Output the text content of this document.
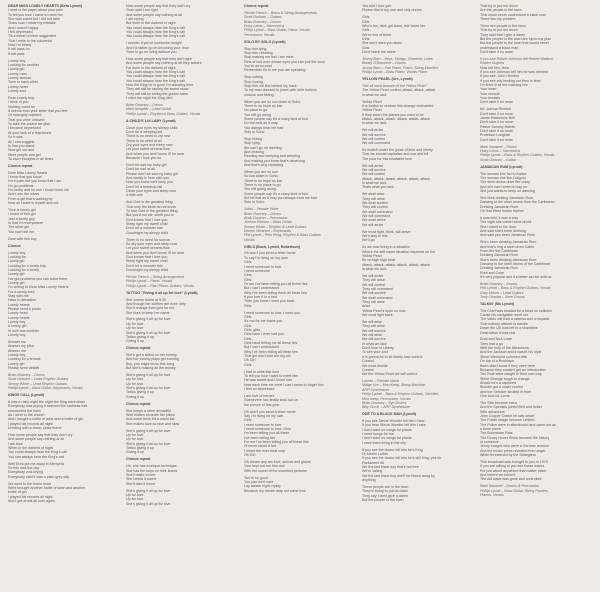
DEAR MISS LONELY HEARTS (Beta Lynott)
I read in the paper about your pain
To tell you how I came to meet her
She was sweet but I did not take
Thats how I made my mistake
And I wasn't happy
I felt depressed
Till a friend of mine suggested
That I write to the columnist
Now I'm lonely
It will pass on
It will pass
Lonely boy
Looking for another
Lonely girl
Lonely man
Lonely woman
Tune to each other
Lonely heart
Lonely soul
Dear Lonely boy
I think of you
Nothing could be
It seems from your letter that you feel
Or strangely rejected
That you were unloved
To take the advice we give
I became depressed
At your lack of a misfortune
So it was
All I can suggest
Is that you stand
Now get out and
Meet people and get
To each thoughts in all times
Chorus repeat
Dear Miss Lonely Hearts
I know that you know
I'm in pain but you know that I am
I'm go problems
I'm lonely and no one I know loves me
And I see the wives
From a girl that's walking by
Now all I want is myself and not
Time is lonely girl
I heard of this girl
Just a lonely guy
Is that I'm everywhere
The other girl
You can't tell me
Dear with this boy
Chorus
Lonely boy
Looking for
Lonely girl
Looking for a lonely boy
Looking for a lonely
Lonely girl
I've got problems you can solve them
Lonely girl
I'm writing to Dear Miss Lonely Hearts
For a lonely soul
Stay with me
Have to attractive
Lonely hearts
Please send a photo
Lonely heart
Lonely hearts
Lonely boy
A lonely girl
In love one another
Lonely boy
Answer me
Answer my plea
Answer me
Lonely boy
Looking for a female
Lonely girl
Please send details
Brian Downey – Drums
Scott Gorham – Lead Rhythm Guitars
Snowy White – Lead Rhythm Guitars
Phillip Lynott – Bass Guitar, Keyboards, Vocals
KINGS CALL (Lynott)
It was a rainy night the night the King went down
Everybody was crying it seemed like sadness had
surrounded the town
As I went to the church
And I bought a bottle of wine and a bottle of gin
I played his records all night
Drinking with a close, close friend
How some people say that they can't cry
And some people say nothing at all
I am blue
When in the darkest of night
You could always hear the King's call
You can always hear the King's call
Well Elvis got me away in Memphis
So this was the day
Everybody was crying
Everybody said it was a plain grey day
We went to the future more
Went brought another bottle of wine and another
bottle of gin
I played his records all night
And I got drunk all over again
Now some people say that they can't cry
Then said I am right
And some people say nothing at all
I am crying
But even in the darkest of night
You could always hear the King's call
You could always hear the King's call
You could always hear the King's call
I wonder if you're lonesome tonight
And I'd rather go on knocking your door
Then to go on living without you
How some people say that they ain't right
And some people say nothing at all they admire
For even in the darkest of night
You could always hear the King's call
You could always hear the King's call
You could always hear the King's call
Now the King he is gone I'm standing here
They will still be tasting the sweet show
They will still be telling the golden tales
I cried the night the King died
Brian Downey – Drums
Mark Knopfler – Lead Guitar
Phillip Lynott – Rhythm & Bass Guitars, Vocals
A CHILD'S LULLABY (Lynott)
Close your eyes my sleepy child
Don't be a weeping kid
There is no need to cry now
There is no need at all
Dry your eyes and sleep now
Let your sweet dreams flow
And when you don't know I'll be near
Because I love you so
Don't be sad my baby girl
Don't be sad at all
Please don't be sad my baby girl
And daddy is here with you
Now you know we'll keep you
Don't let a teardrop fall
Close your eyes and sleep now
A little one
And God is the greatest thing
That only the birds do not know
To love God is the greatest thing
But you'd not stir, smell you or
God knows that I love you
Sleep tight my sweet child
Don't let a monster bite
Goodnight my sleepy child
There is no need for sorrow
So dry your eyes and sleep now
Let your sweet dreams flow
And when you don't know I'll be near
God knows that I love you
Sleep tight my sweet child
Don't let a monster bite
Goodnight my sleepy child
Pitchie Trench – String Arrangement
Phillip Lynott – Piano, Vocals
Phillip Lynott – Plan Piano, Guitars, Vocals
TATTOO "Giving it all up for love" (Lynott)
She comes home at 5.30
And though her clothes are even dirty
She'll change them just for me
She likes to keep her name
She's giving it all up for love
Up for love
Up for love
She's giving it all up for love
Tattoo giving it up
Giving it up
Chorus repeat
She's got a tattoo on her tummy
And her tummy plays get earning
Boy, you might know this song
But she's making all the money
She's giving it all up for love
Up for love
Up for love
She's giving it all up for love
Tattoo giving it up
Giving it up
Chorus repeat
She keeps a silver armadillo
Well hidden beneath her pillow
And some think it's a warm kid
She makes love so nice and slow
She's giving it all up for love
Up for love
Up for love
She's giving it all up for love
Tattoo giving it up
Giving it up
Chorus repeat
Oh, she has a unique technique
She has the boys on their knees
She'll make a beer
She needs it sweet
She'll take it home
She's giving it all up for love
Up for love
Up for love
She's giving it all up for love
Chorus repeat
Pitchie Trench – Brass & String Arrangements
Scott Gorham – Guitars
Brian Downey – Drums
Huey Lewis – Harmonica
Philip Lynott – Bass Guitar, Piano, Vocals
Percussion, Vocals
SOLO BY SOLO (Lynott)
Stop this lying
Stop this cheating
Stop making me feel I am mine
Rest of fool over whose eyes you can pull the wool
You're an ex-stud
Remember it's to me you are speaking
Stop cutting
Stop fooling
Stop this old line behind my back
To my man dressed in jeans with shirt buttons
undone and flirting
When you are so low down in Soho
There is no hope so low
No place to go
You still go along
Some people say it's a crazy kind of fool
Do the best as it may
You always treat me bad
Solo in Soho
Stop hiding
Stop lying
We can't go on meeting
And chasing
Reading and weeping and weeping
And making you know that's deceiving
And that's why repeating
When you are so low
So low down in Soho
There is no hope so low
There is no place to go
You still going along
Some people say it's a crazy kind of fool
But be that as it may you always treat me bad
Solo in Soho
Jubia – Female Voice
Brian Downey – Drums
Andy Duncan – Percussion
Jerome Rimson – Bass Guitar
Snowy White – Rhythm & Lead Guitars
Darren Wharton – Keyboards
Phil Lynott – Pelo Pirog, Rhythm & Bass Guitars
Vocals
GIRLS (Buck, Lynott, Robertson)
Oh won't you send a letter home
To say I'm living on my own
Girls
I need someone to love
I need someone
Girls
Girls
Or me I've been telling you all these lies
But I can't understand
Why I've been telling them all these lies
If you love it in a bed
Then you know I want you back
Girls
I need someone to love, I need you
Girls
It's me for me thank you
Girls
Girls, girls
Girls have I ever had you
Girls
Girls have telling me all these lies
But I can't understand
Why I've been telling all these lies
That girl don't love me my sin
Oh Girl
Girls
I had to write this tune
To tell you how I want to meet him
He was sweet and I loved him
Now each time we meet I can't seem to forget him
I feel so depressed
Last love of heroes
Guenevere has finally lead-out on
the picture of this year
Oh won't you send a letter home
Say I'm living on my own
Girls
I need someone to love
I need someone to love, Girls
I'm been telling you all these
I've been telling lies
For me i've been telling you all these lies
I'll never shout it 'kid
I heard the ever beat crop
Oh Girl
Oh dream any am love, sorrow and gloom
Your kept not me this one
With the sweet of the sweetest perfume
You're so good
You just don't care
Lay awake night crying
Because my dream may not come true
Yes and I love you
Please this is my one and only dream
Girls
Girls
Who's fun, slick girl class, she loves her
Girls
We're one of them
Girls
She don't want you alone
Girls
Don't leave me alone
Jimmy Bain – Keys, Strings, Chorines, Lines
Bobby O'Donohoe – Drums
Jimmy Bain – Pan Piano, Piano, String Machine
Phillip Lynott – Bass Piano, Vocals Piano
YELLOW PEARL (Ure, Lynott)
"We all must beware of the Yellow Pearl"
The Yellow Pearl control, attack, attack, attack
Is what we lack
Yellow Pearl
It is foolish to venture this strange enchanted
Yellow Pearl
If they aren't the planes you want to be
Attack, attack, attack, attack, attack, attack
Is what we lack
We will arrive
We will survive
We will control
We will command
It's foolish under the guise of love and liberty
That we should capitalise and war and kill
The poor for this insatiable love
We will arrive
We will survive
We will control
Attack, attack, attack, attack, attack, attack
Is what we lack
Thats what you lack
We shall arise
They will arise
We shall survive
They will control
We shall command
We will command
We shall arrive
We will arrive
We must fight, think, will arrive
We'll stay in line
We'll go
As we now living in a situation
Where the self same situation depends on the
Yellow Pearl
Be on high high beat
Attack, attack, attack, attack, attack, attack
Is what we lack
We will arrive
They will arise
We will control
They will command
We will survive
We shall command
They will arise
Arise
Yellow Pearl's upon us now
We must fight back
We will arise
They will arise
We will survive
We will arise
We will survive
In what we lack
Don't lose to Liberty
To see your soul
It is gonna be to let liberty lose control
Control
We must decide
Control
We the Yellow Pearl we will control
Lauren – Female Voice
Midge Ure – Moo Keep, String Machine,
ARP Synthesizer
Philip Lynott – Bass & Rhythm Guitars, Vocoder,
Moo Keep, Percussion, Vocals
Brian Downey – Syn Drums
Billy Currie – ARP Synthesizer
ODE TO A BLACK MAN (Lynott)
If you see Stevie Wonder tell him I hear
If you hear Stevie Wonder tell him I care
I don't want no songs for plants
I need songs for me
I don't want no songs for plants
I want them living in the city
If you see the doctor tell him he's King
Dr Martin Luther
If you see the doctor tell him he's still King, yes sir
Parliament All
We the last black boy that's not free
We're calling
We the last black boy won't be blown away by
anything
These people are in the town
They're trying to put us down
They say I don't give a damn
But the people in the town
That try to put me down
Are the people in the town
That could never understand a black man
There lies my problem
There are people in the town
That try to put me down
They said that I give a damn
But the people in the town are hip to my plan
But the people in the town that would never
understand a black man
Don't take it no more
If you see Robert Johnson tell Robert Wallace
Robert Hughes
Now tell him, Hear
If you see Johnson tell him he was needed
If you see, John Hendrix
If you see any lending out then in time
I'm tired of all the roaming line
Your heart
Your muscle
Your breasts
Don't take it no more
Mr. Joshua Rhodes
Don't take it no more
Jamie Mackenzie Bell
Don't take it no more
Pastor Sammy Ratrek
Don't take it no more
Professor Longhair
Don't take it no more
Mark Nauseef – Drums
Huey Lewis – Harmonica
Phillip Lynott – Bass & Rhythm Guitars, Vocals
Scott Gorham – Guitar
JAMAICAN RUM (Lynott)
The woman she fan to Kaiser
The woman she like Calypso
The devil drums drive fier crazy
And she can't seem to say no
She just wants to keep on dancing
She likes drinking Jamaican Rum
Dancing to the steel drums from the Caribbean
Drinking Jamaican Rum
On that West Indian rhythm
It was wild, it was a way
The night she came home drunk
She rocked to the door
And said she's been drinking
And said you been Jamaican Rum
She's been drinking Jamaican Rum
And that's ring a steel drum Cabin
From the the Caribbean
Drinking Jamaican Rum
She's been drinking Jamaican Rum
Dancing to the steel drums of the Caribbean
Drinking Jamaican Rum
Rum and Coke
It's very popular and it's better as rice with us
Brian Downey – Drums
Phil Lynott – Bass & Rhythm Guitars, Vocals
Gary Moore – Lead Guitars
Tony Charles – Steel Drums
TALKIN' (Ms Lynott)
The Chief was headed for a head on collision
Cause his navigation went out
The Valdo will hold a ralaxha and a mopalal
That nobody wished to handle
Down the US was left in a shambles
Destruction it was real
Elvis and Nick Lowe
They had a go
With the help of the Attractions
And the Jackson and it wasn't his style
Steve Winwood summed atte
On top of a Rocktape
Been didn't know if they were here
Because they couldn't get an introduction
The Ruts were caught in their own trap
Steve Strange tough to change
Ahead he's a captured
Blondie got it under control
And the Selecter strolled in from
One look for Lorne
The Slits became extra
And the Specials joined Belt and hotter
With advancers
John Cooper Clarke he was smart
The Public Image become Limited
The Police were in attentioned and came out as
a three piece
The Boomtown Rats
The Dooky Hover Show became the history
of someone
Jenny Images who were a German reunion
And the music press revealed from anger
When threatened by the Stranglers
This broadcast was brought to you in 1979
If you are willing to you see these waves
Put just about anywhere that matter place
And before we knew it
The old wave was gone and controlled
Mark Nauseef – Drums & Percussion
Phillip Lynott – Bass Guitar, String Puzzles,
Pianos, Vocals
